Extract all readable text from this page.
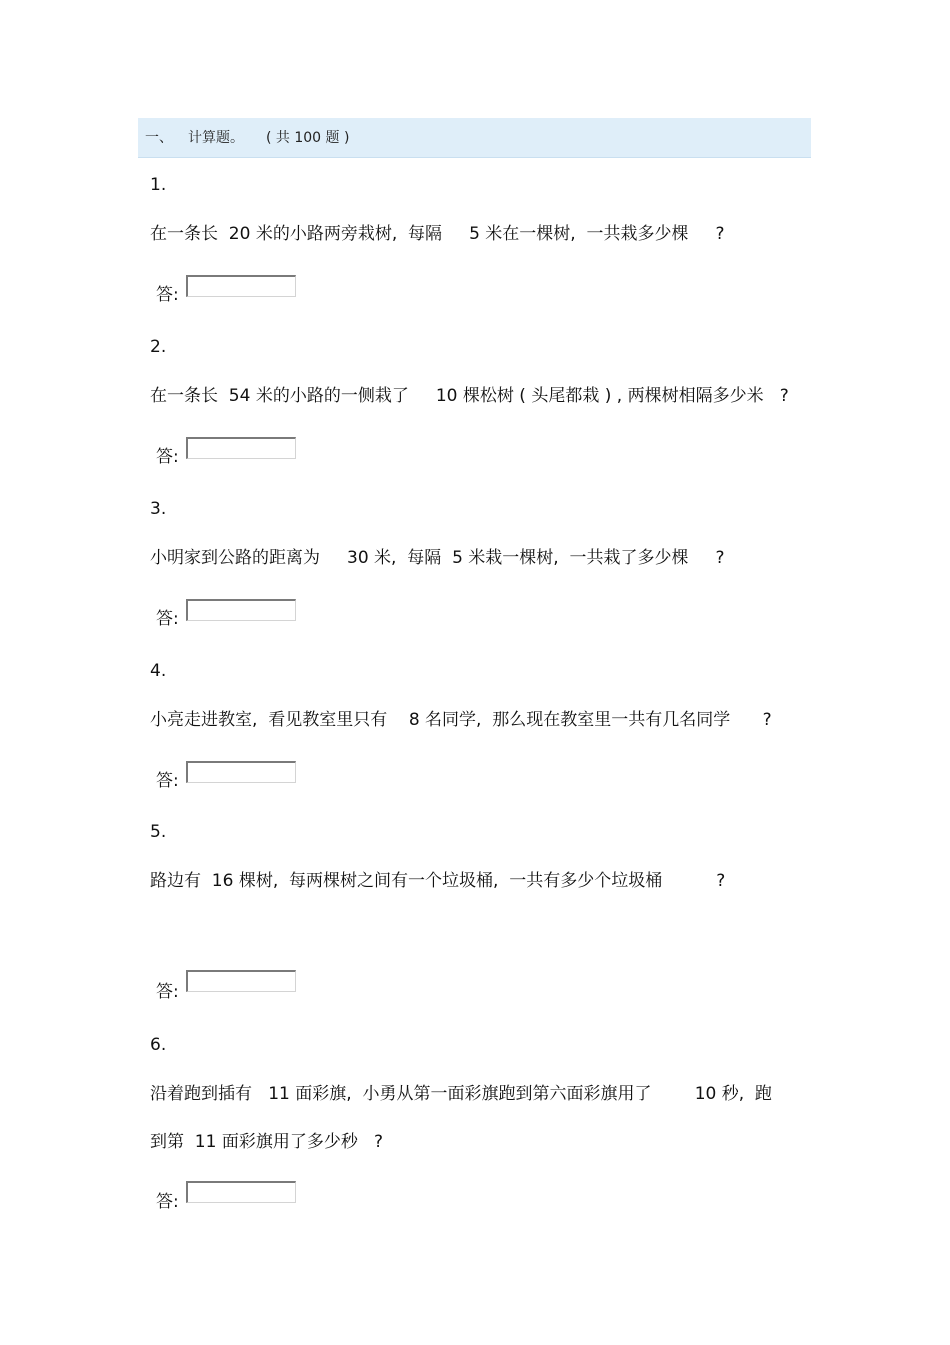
一、 计算题。 ( 共 100 题 )
1.
在一条长  20 米的小路两旁栽树,  每隔     5 米在一棵树,  一共栽多少棵     ?
答:
2.
在一条长  54 米的小路的一侧栽了     10 棵松树 ( 头尾都栽 ) , 两棵树相隔多少米   ?
答:
3.
小明家到公路的距离为     30 米,  每隔  5 米栽一棵树,  一共栽了多少棵     ?
答:
4.
小亮走进教室,  看见教室里只有    8 名同学,  那么现在教室里一共有几名同学      ?
答:
5.
路边有  16 棵树,  每两棵树之间有一个垃圾桶,  一共有多少个垃圾桶          ?
答:
6.
沿着跑到插有   11 面彩旗,  小勇从第一面彩旗跑到第六面彩旗用了        10 秒,  跑
到第  11 面彩旗用了多少秒   ?
答:
